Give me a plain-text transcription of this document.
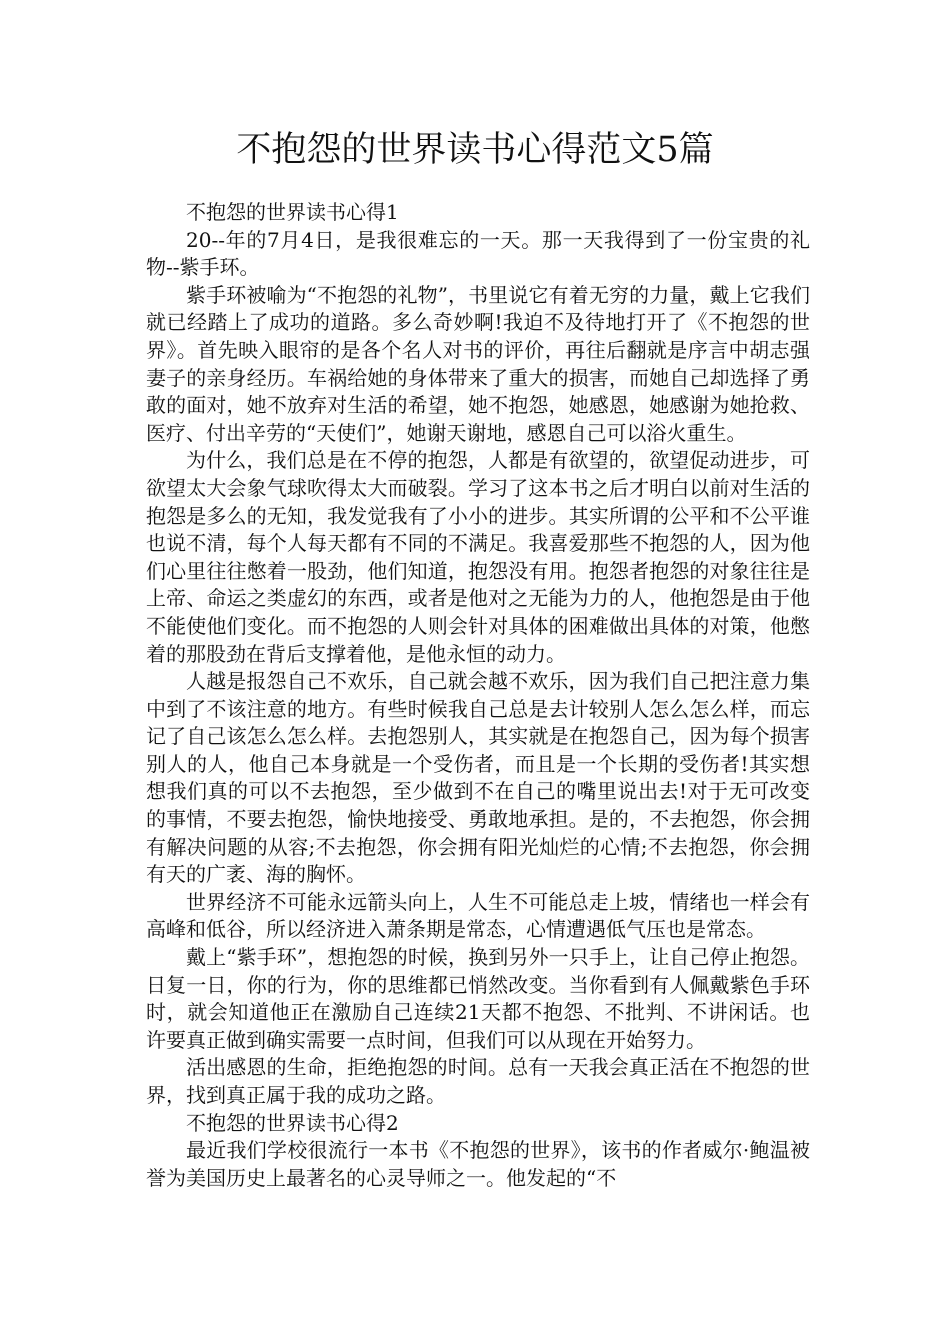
不抱怨的世界读书心得范文5篇

不抱怨的世界读书心得1

20--年的7月4日，是我很难忘的一天。那一天我得到了一份宝贵的礼物--紫手环。

紫手环被喻为“不抱怨的礼物”，书里说它有着无穷的力量，戴上它我们就已经踏上了成功的道路。多么奇妙啊!我迫不及待地打开了《不抱怨的世界》。首先映入眼帘的是各个名人对书的评价，再往后翻就是序言中胡志强妻子的亲身经历。车祸给她的身体带来了重大的损害，而她自己却选择了勇敢的面对，她不放弃对生活的希望，她不抱怨，她感恩，她感谢为她抢救、医疗、付出辛劳的“天使们”，她谢天谢地，感恩自己可以浴火重生。

为什么，我们总是在不停的抱怨，人都是有欲望的，欲望促动进步，可欲望太大会象气球吹得太大而破裂。学习了这本书之后才明白以前对生活的抱怨是多么的无知，我发觉我有了小小的进步。其实所谓的公平和不公平谁也说不清，每个人每天都有不同的不满足。我喜爱那些不抱怨的人，因为他们心里往往憋着一股劲，他们知道，抱怨没有用。抱怨者抱怨的对象往往是上帝、命运之类虚幻的东西，或者是他对之无能为力的人，他抱怨是由于他不能使他们变化。而不抱怨的人则会针对具体的困难做出具体的对策，他憋着的那股劲在背后支撑着他，是他永恒的动力。

人越是报怨自己不欢乐，自己就会越不欢乐，因为我们自己把注意力集中到了不该注意的地方。有些时候我自己总是去计较别人怎么怎么样，而忘记了自己该怎么怎么样。去抱怨别人，其实就是在抱怨自己，因为每个损害别人的人，他自己本身就是一个受伤者，而且是一个长期的受伤者!其实想想我们真的可以不去抱怨，至少做到不在自己的嘴里说出去!对于无可改变的事情，不要去抱怨，愉快地接受、勇敢地承担。是的，不去抱怨，你会拥有解决问题的从容;不去抱怨，你会拥有阳光灿烂的心情;不去抱怨，你会拥有天的广袤、海的胸怀。

世界经济不可能永远箭头向上，人生不可能总走上坡，情绪也一样会有高峰和低谷，所以经济进入萧条期是常态，心情遭遇低气压也是常态。

戴上“紫手环”，想抱怨的时候，换到另外一只手上，让自己停止抱怨。日复一日，你的行为，你的思维都已悄然改变。当你看到有人佩戴紫色手环时，就会知道他正在激励自己连续21天都不抱怨、不批判、不讲闲话。也许要真正做到确实需要一点时间，但我们可以从现在开始努力。

活出感恩的生命，拒绝抱怨的时间。总有一天我会真正活在不抱怨的世界，找到真正属于我的成功之路。

不抱怨的世界读书心得2

最近我们学校很流行一本书《不抱怨的世界》，该书的作者威尔·鲍温被誉为美国历史上最著名的心灵导师之一。他发起的“不
